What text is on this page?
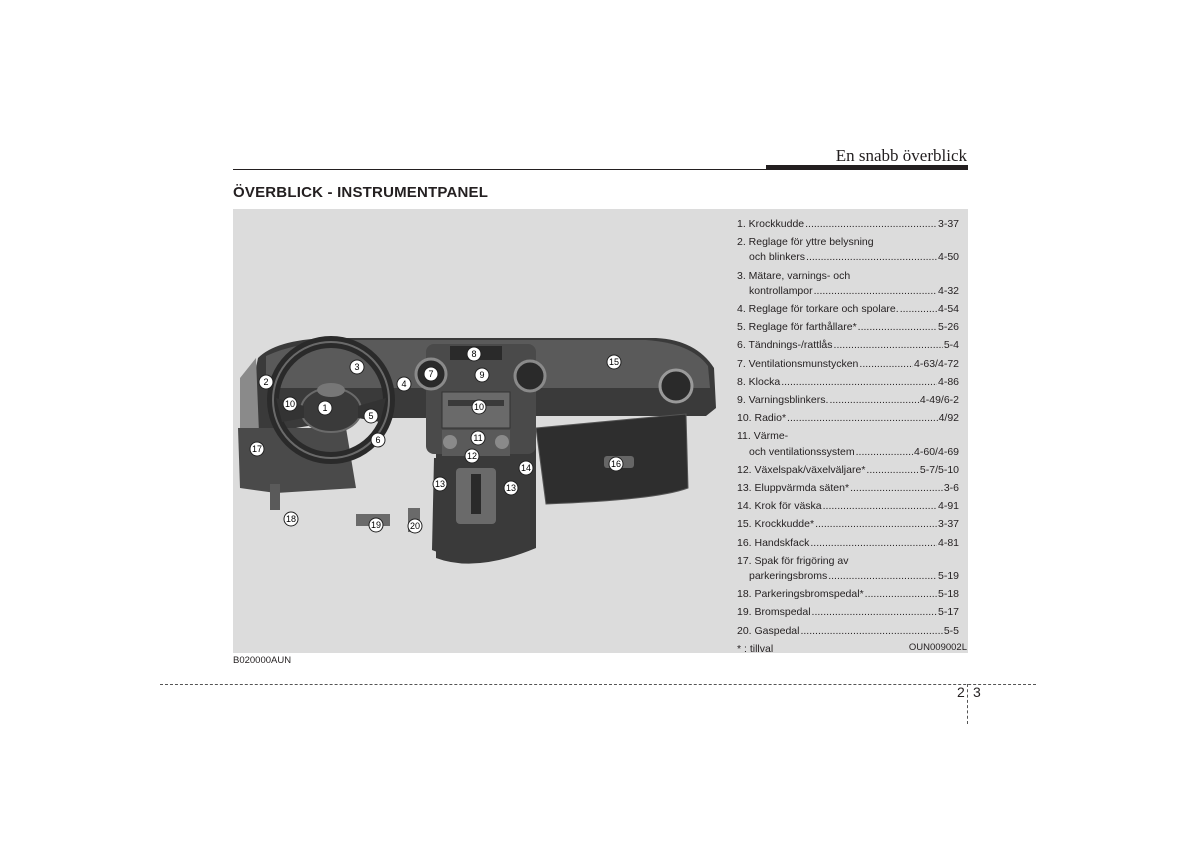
En snabb överblick
ÖVERBLICK - INSTRUMENTPANEL
1
2
3
4
5
6
7
8
9
10	10
11
12
13	13
14
15
16
17
18
19	20
1. Krockkudde .....	3-37
2. Reglage för yttre belysning
och blinkers .....	4-50
3. Mätare, varnings- och
kontrollampor .....	4-32
4. Reglage för torkare och spolare. .....	4-54
5. Reglage för farthållare* .....	5-26
6. Tändnings-/rattlås .....	5-4
7. Ventilationsmunstycken .....	4-63/4-72
8. Klocka .....	4-86
9. Varningsblinkers. .....	4-49/6-2
10. Radio* .....	4/92
11. Värme-
och ventilationssystem .....	4-60/4-69
12. Växelspak/växelväljare* .....	5-7/5-10
13. Eluppvärmda säten* .....	3-6
14. Krok för väska .....	4-91
15. Krockkudde* .....	3-37
16. Handskfack .....	4-81
17. Spak för frigöring av
parkeringsbroms .....	5-19
18. Parkeringsbromspedal* .....	5-18
19. Bromspedal .....	5-17
20. Gaspedal .....	5-5
* : tillval	OUN009002L
B020000AUN
2 3
